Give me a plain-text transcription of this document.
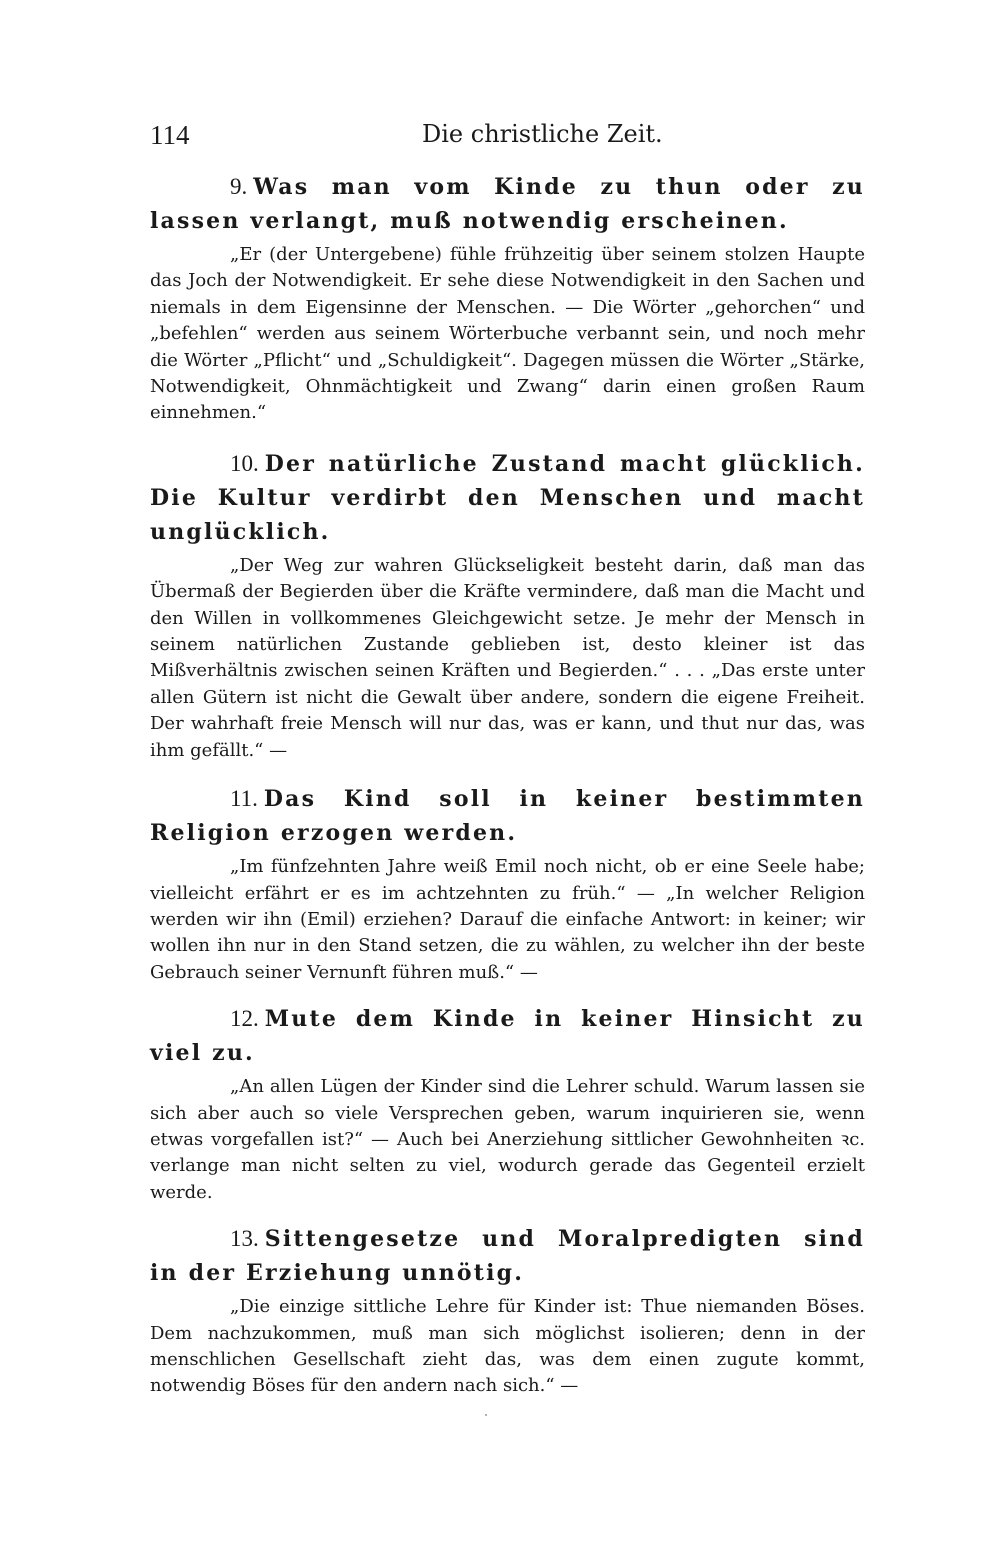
114	Die christliche Zeit.

9. Was man vom Kinde zu thun oder zu lassen verlangt, muß notwendig erscheinen.

„Er (der Untergebene) fühle frühzeitig über seinem stolzen Haupte das Joch der Notwendigkeit. Er sehe diese Notwendigkeit in den Sachen und niemals in dem Eigensinne der Menschen. — Die Wörter „gehorchen“ und „befehlen“ werden aus seinem Wörterbuche verbannt sein, und noch mehr die Wörter „Pflicht“ und „Schuldigkeit“. Dagegen müssen die Wörter „Stärke, Notwendigkeit, Ohnmächtigkeit und Zwang“ darin einen großen Raum einnehmen.“

10. Der natürliche Zustand macht glücklich. Die Kultur verdirbt den Menschen und macht unglücklich.

„Der Weg zur wahren Glückseligkeit besteht darin, daß man das Übermaß der Begierden über die Kräfte vermindere, daß man die Macht und den Willen in vollkommenes Gleichgewicht setze. Je mehr der Mensch in seinem natürlichen Zustande geblieben ist, desto kleiner ist das Mißverhältnis zwischen seinen Kräften und Begierden.“ . . . „Das erste unter allen Gütern ist nicht die Gewalt über andere, sondern die eigene Freiheit. Der wahrhaft freie Mensch will nur das, was er kann, und thut nur das, was ihm gefällt.“ —

11. Das Kind soll in keiner bestimmten Religion erzogen werden.

„Im fünfzehnten Jahre weiß Emil noch nicht, ob er eine Seele habe; vielleicht erfährt er es im achtzehnten zu früh.“ — „In welcher Religion werden wir ihn (Emil) erziehen? Darauf die einfache Antwort: in keiner; wir wollen ihn nur in den Stand setzen, die zu wählen, zu welcher ihn der beste Gebrauch seiner Vernunft führen muß.“ —

12. Mute dem Kinde in keiner Hinsicht zu viel zu.

„An allen Lügen der Kinder sind die Lehrer schuld. Warum lassen sie sich aber auch so viele Versprechen geben, warum inquirieren sie, wenn etwas vorgefallen ist?“ — Auch bei Anerziehung sittlicher Gewohnheiten ꝛc. verlange man nicht selten zu viel, wodurch gerade das Gegenteil erzielt werde.

13. Sittengesetze und Moralpredigten sind in der Erziehung unnötig.

„Die einzige sittliche Lehre für Kinder ist: Thue niemanden Böses. Dem nachzukommen, muß man sich möglichst isolieren; denn in der menschlichen Gesellschaft zieht das, was dem einen zugute kommt, notwendig Böses für den andern nach sich.“ —
